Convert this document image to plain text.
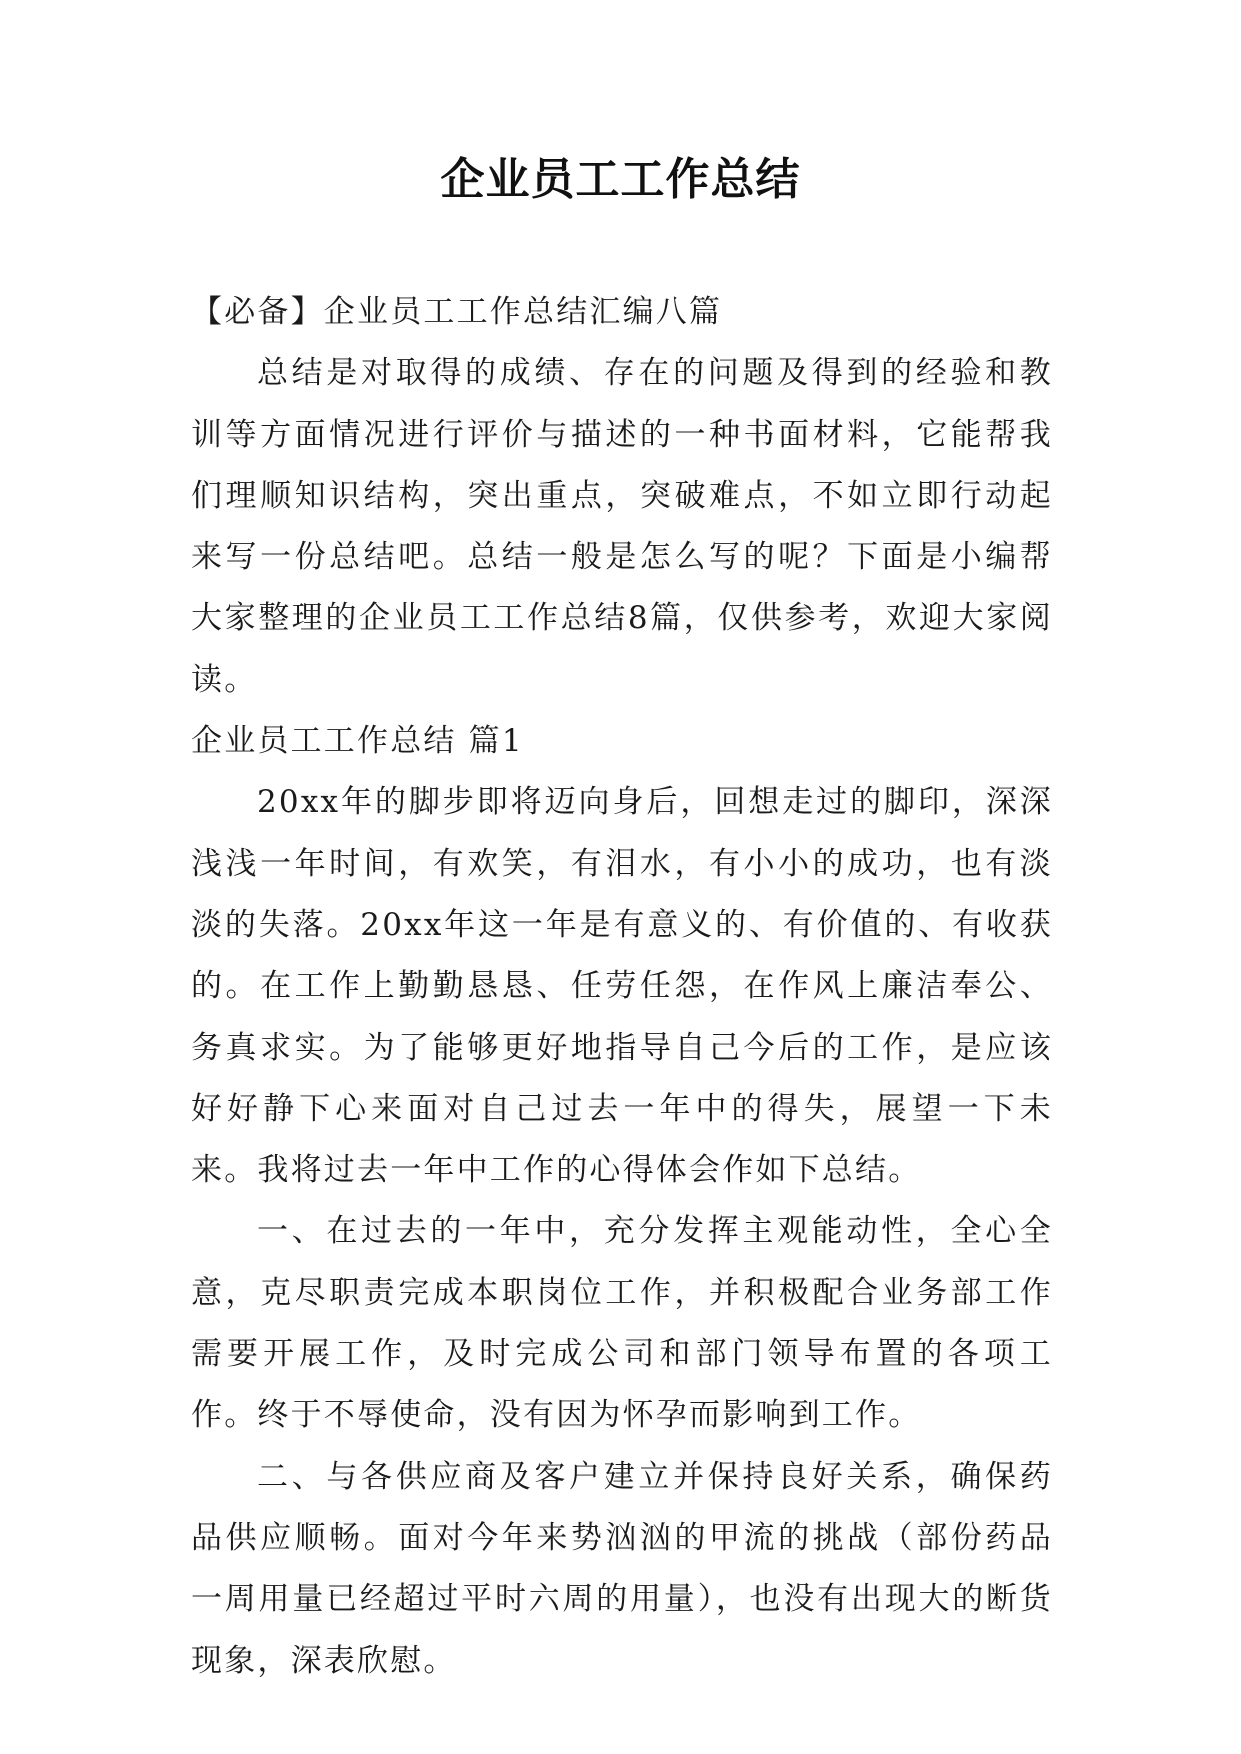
企业员工工作总结

【必备】企业员工工作总结汇编八篇

总结是对取得的成绩、存在的问题及得到的经验和教训等方面情况进行评价与描述的一种书面材料，它能帮我们理顺知识结构，突出重点，突破难点，不如立即行动起来写一份总结吧。总结一般是怎么写的呢？下面是小编帮大家整理的企业员工工作总结8篇，仅供参考，欢迎大家阅读。

企业员工工作总结 篇1

20xx年的脚步即将迈向身后，回想走过的脚印，深深浅浅一年时间，有欢笑，有泪水，有小小的成功，也有淡淡的失落。20xx年这一年是有意义的、有价值的、有收获的。在工作上勤勤恳恳、任劳任怨，在作风上廉洁奉公、务真求实。为了能够更好地指导自己今后的工作，是应该好好静下心来面对自己过去一年中的得失，展望一下未来。我将过去一年中工作的心得体会作如下总结。

一、在过去的一年中，充分发挥主观能动性，全心全意，克尽职责完成本职岗位工作，并积极配合业务部工作需要开展工作，及时完成公司和部门领导布置的各项工作。终于不辱使命，没有因为怀孕而影响到工作。

二、与各供应商及客户建立并保持良好关系，确保药品供应顺畅。面对今年来势汹汹的甲流的挑战（部份药品一周用量已经超过平时六周的用量），也没有出现大的断货现象，深表欣慰。
